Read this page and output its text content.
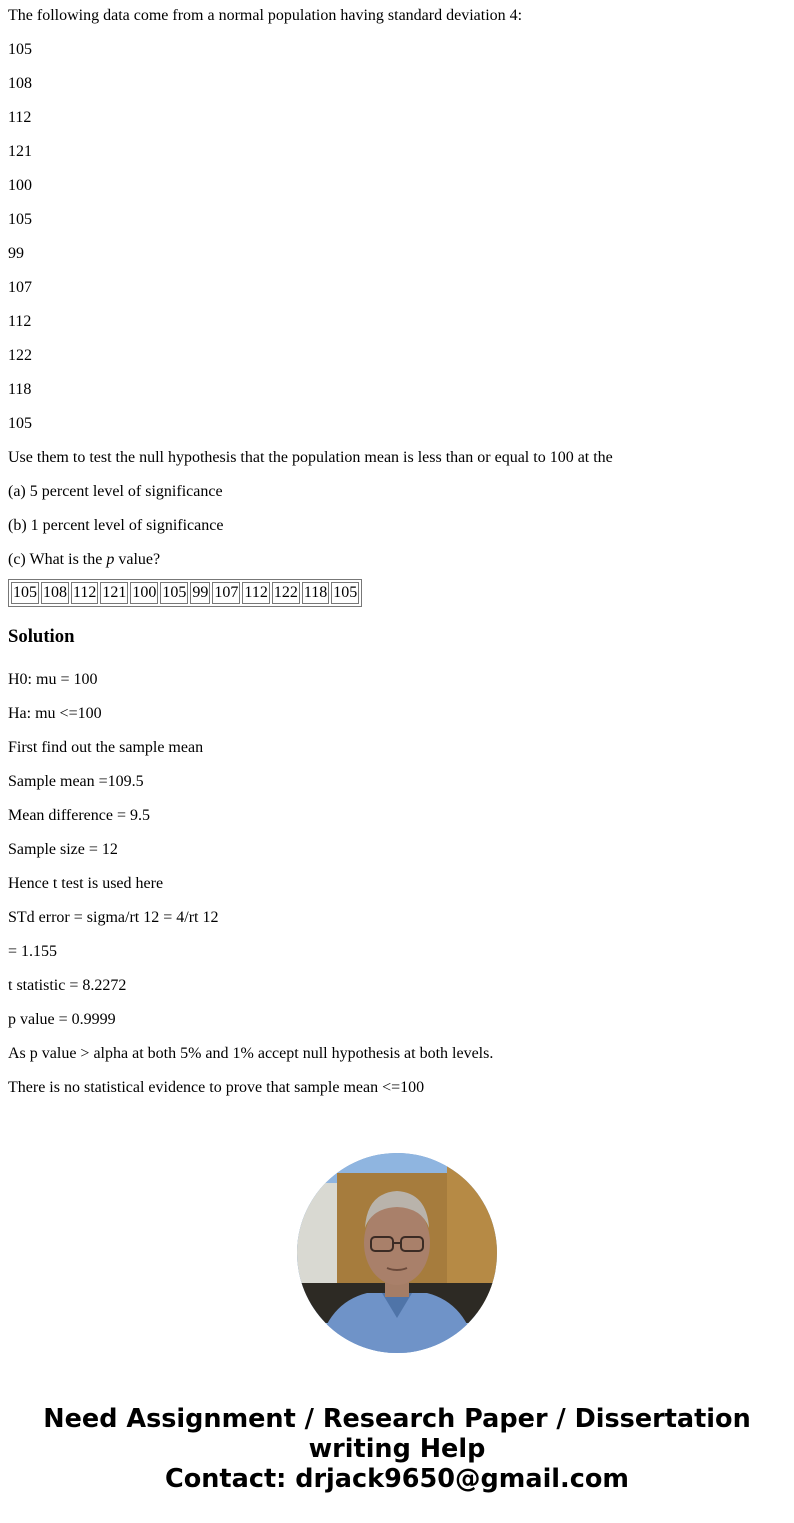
The following data come from a normal population having standard deviation 4:

105

108

112

121

100

105

99

107

112

122

118

105

Use them to test the null hypothesis that the population mean is less than or equal to 100 at the

(a) 5 percent level of significance

(b) 1 percent level of significance

(c) What is the p value?

105	108	112	121	100	105	99	107	112	122	118	105
Solution

H0: mu = 100

Ha: mu <=100

First find out the sample mean

Sample mean =109.5

Mean difference = 9.5

Sample size = 12

Hence t test is used here

STd error = sigma/rt 12 = 4/rt 12

= 1.155

t statistic = 8.2272

p value = 0.9999

As p value > alpha at both 5% and 1% accept null hypothesis at both levels.

There is no statistical evidence to prove that sample mean <=100

Need Assignment / Research Paper / Dissertation
writing Help
Contact: drjack9650@gmail.com
